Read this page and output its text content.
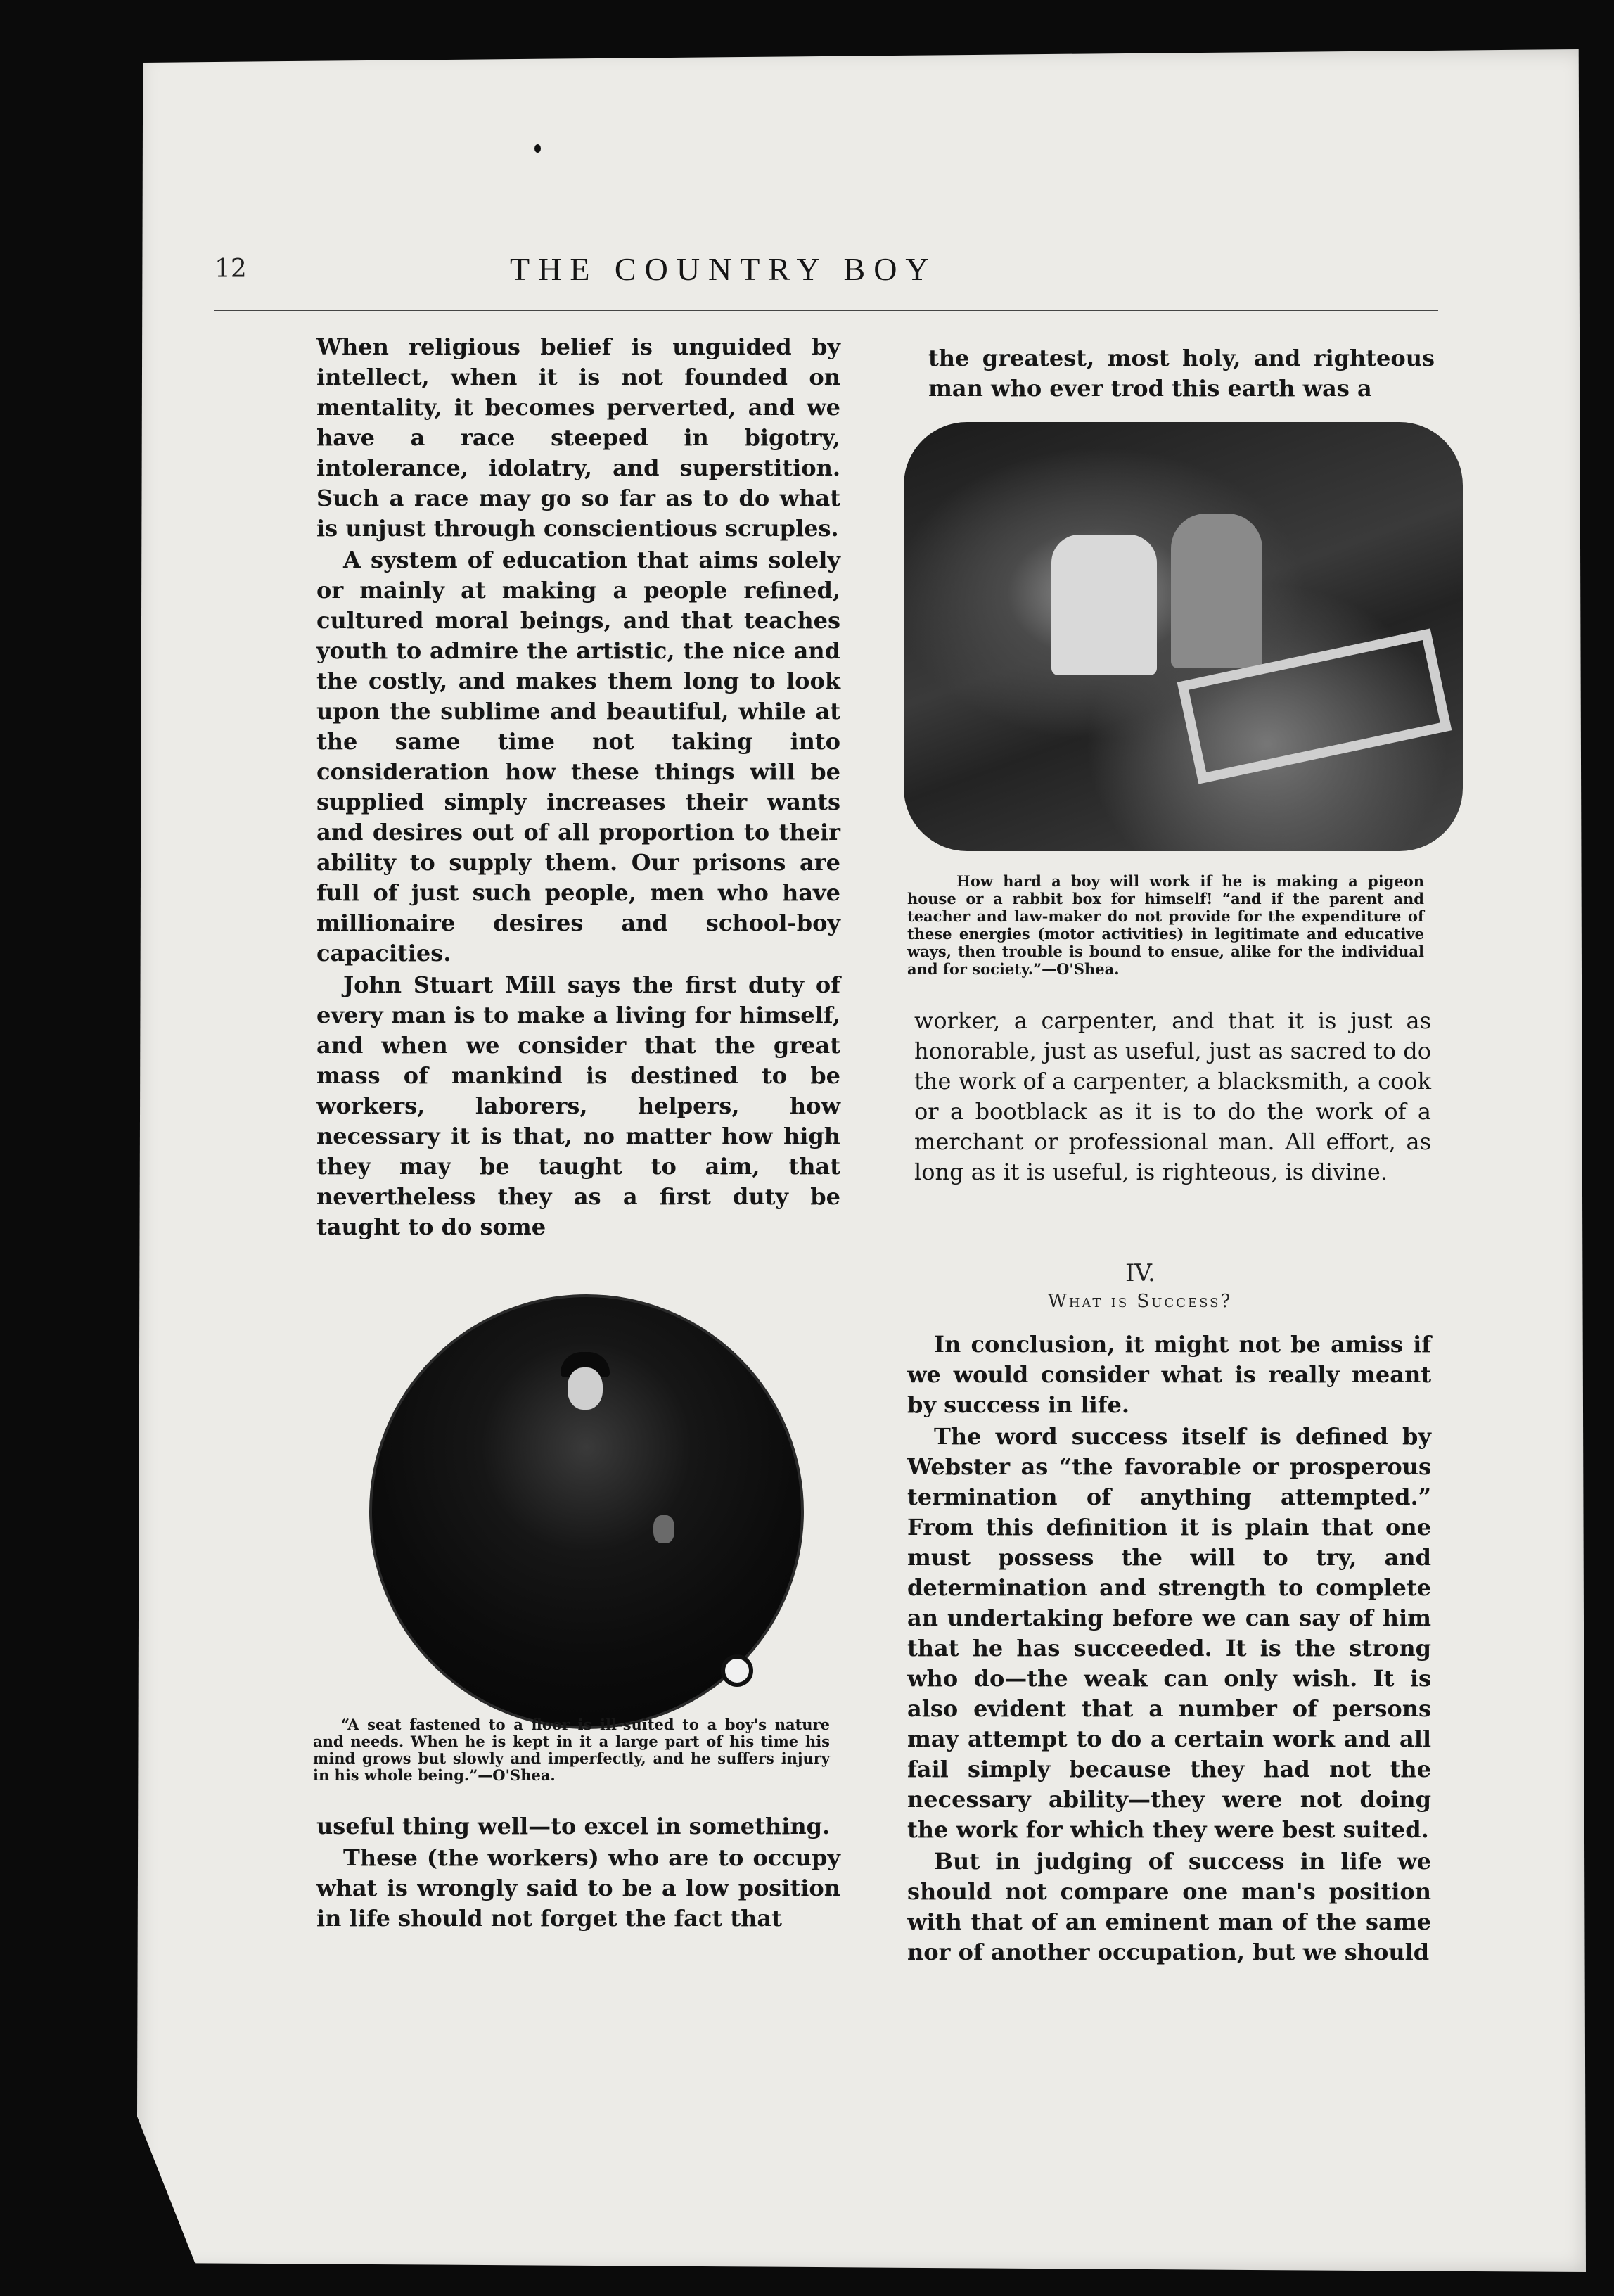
12	THE COUNTRY BOY

When religious belief is unguided by intellect, when it is not founded on mentality, it becomes perverted, and we have a race steeped in bigotry, intolerance, idolatry, and superstition. Such a race may go so far as to do what is unjust through conscientious scruples.

A system of education that aims solely or mainly at making a people refined, cultured moral beings, and that teaches youth to admire the artistic, the nice and the costly, and makes them long to look upon the sublime and beautiful, while at the same time not taking into consideration how these things will be supplied simply increases their wants and desires out of all proportion to their ability to supply them. Our prisons are full of just such people, men who have millionaire desires and school-boy capacities.

John Stuart Mill says the first duty of every man is to make a living for himself, and when we consider that the great mass of mankind is destined to be workers, laborers, helpers, how necessary it is that, no matter how high they may be taught to aim, that nevertheless they as a first duty be taught to do some

“A seat fastened to a floor is ill-suited to a boy's nature and needs. When he is kept in it a large part of his time his mind grows but slowly and imperfectly, and he suffers injury in his whole being.”—O'Shea.

useful thing well—to excel in something.

These (the workers) who are to occupy what is wrongly said to be a low position in life should not forget the fact that

the greatest, most holy, and righteous man who ever trod this earth was a

How hard a boy will work if he is making a pigeon house or a rabbit box for himself! “and if the parent and teacher and law-maker do not provide for the expenditure of these energies (motor activities) in legitimate and educative ways, then trouble is bound to ensue, alike for the individual and for society.”—O'Shea.

worker, a carpenter, and that it is just as honorable, just as useful, just as sacred to do the work of a carpenter, a blacksmith, a cook or a bootblack as it is to do the work of a merchant or professional man. All effort, as long as it is useful, is righteous, is divine.

IV.
What is Success?

In conclusion, it might not be amiss if we would consider what is really meant by success in life.

The word success itself is defined by Webster as “the favorable or prosperous termination of anything attempted.” From this definition it is plain that one must possess the will to try, and determination and strength to complete an undertaking before we can say of him that he has succeeded. It is the strong who do—the weak can only wish. It is also evident that a number of persons may attempt to do a certain work and all fail simply because they had not the necessary ability—they were not doing the work for which they were best suited.

But in judging of success in life we should not compare one man's position with that of an eminent man of the same nor of another occupation, but we should
